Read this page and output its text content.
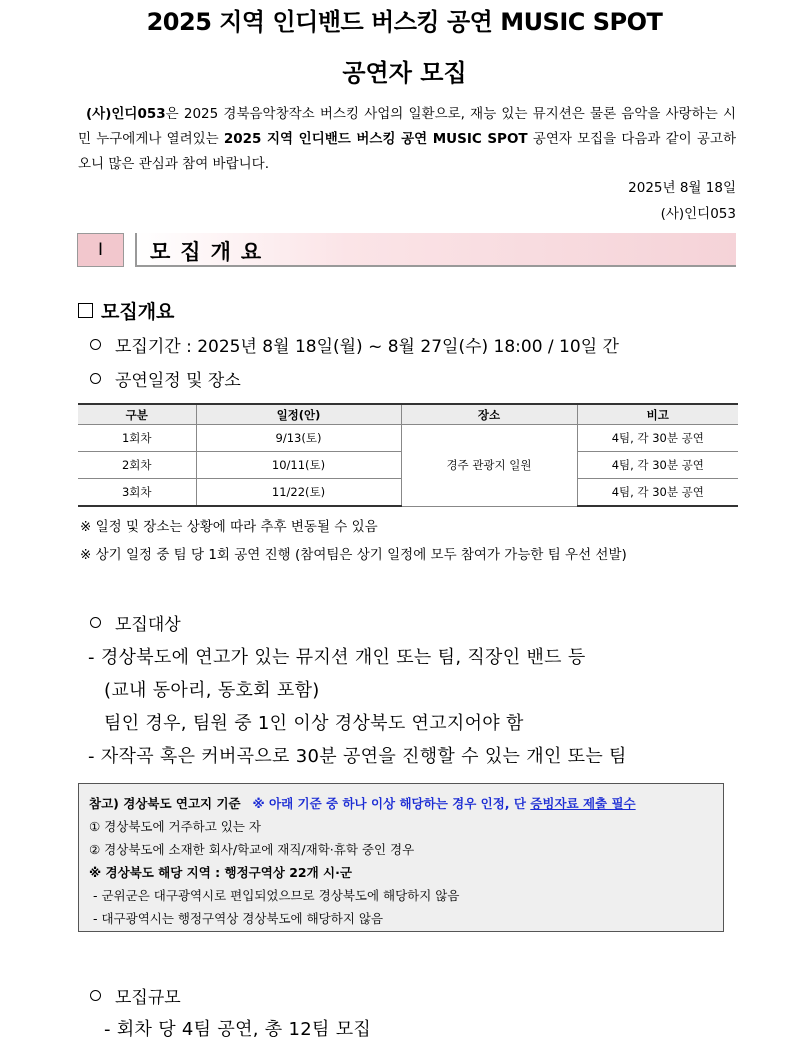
2025 지역 인디밴드 버스킹 공연 MUSIC SPOT
공연자 모집
(사)인디053은 2025 경북음악창작소 버스킹 사업의 일환으로, 재능 있는 뮤지션은 물론 음악을 사랑하는 시민 누구에게나 열려있는 2025 지역 인디밴드 버스킹 공연 MUSIC SPOT 공연자 모집을 다음과 같이 공고하오니 많은 관심과 참여 바랍니다.
2025년 8월 18일
(사)인디053
Ⅰ	모집개요
모집개요
모집기간 : 2025년 8월 18일(월) ~ 8월 27일(수) 18:00 / 10일 간
공연일정 및 장소
구분	일정(안)	장소	비고
1회차	9/13(토)	경주 관광지 일원	4팀, 각 30분 공연
2회차	10/11(토)		4팀, 각 30분 공연
3회차	11/22(토)		4팀, 각 30분 공연
※ 일정 및 장소는 상황에 따라 추후 변동될 수 있음
※ 상기 일정 중 팀 당 1회 공연 진행 (참여팀은 상기 일정에 모두 참여가 가능한 팀 우선 선발)
모집대상
- 경상북도에 연고가 있는 뮤지션 개인 또는 팀, 직장인 밴드 등
(교내 동아리, 동호회 포함)
팀인 경우, 팀원 중 1인 이상 경상북도 연고지어야 함
- 자작곡 혹은 커버곡으로 30분 공연을 진행할 수 있는 개인 또는 팀
참고) 경상북도 연고지 기준 ※ 아래 기준 중 하나 이상 해당하는 경우 인정, 단 증빙자료 제출 필수
① 경상북도에 거주하고 있는 자
② 경상북도에 소재한 회사/학교에 재직/재학·휴학 중인 경우
※ 경상북도 해당 지역 : 행정구역상 22개 시·군
- 군위군은 대구광역시로 편입되었으므로 경상북도에 해당하지 않음
- 대구광역시는 행정구역상 경상북도에 해당하지 않음
모집규모
- 회차 당 4팀 공연, 총 12팀 모집
